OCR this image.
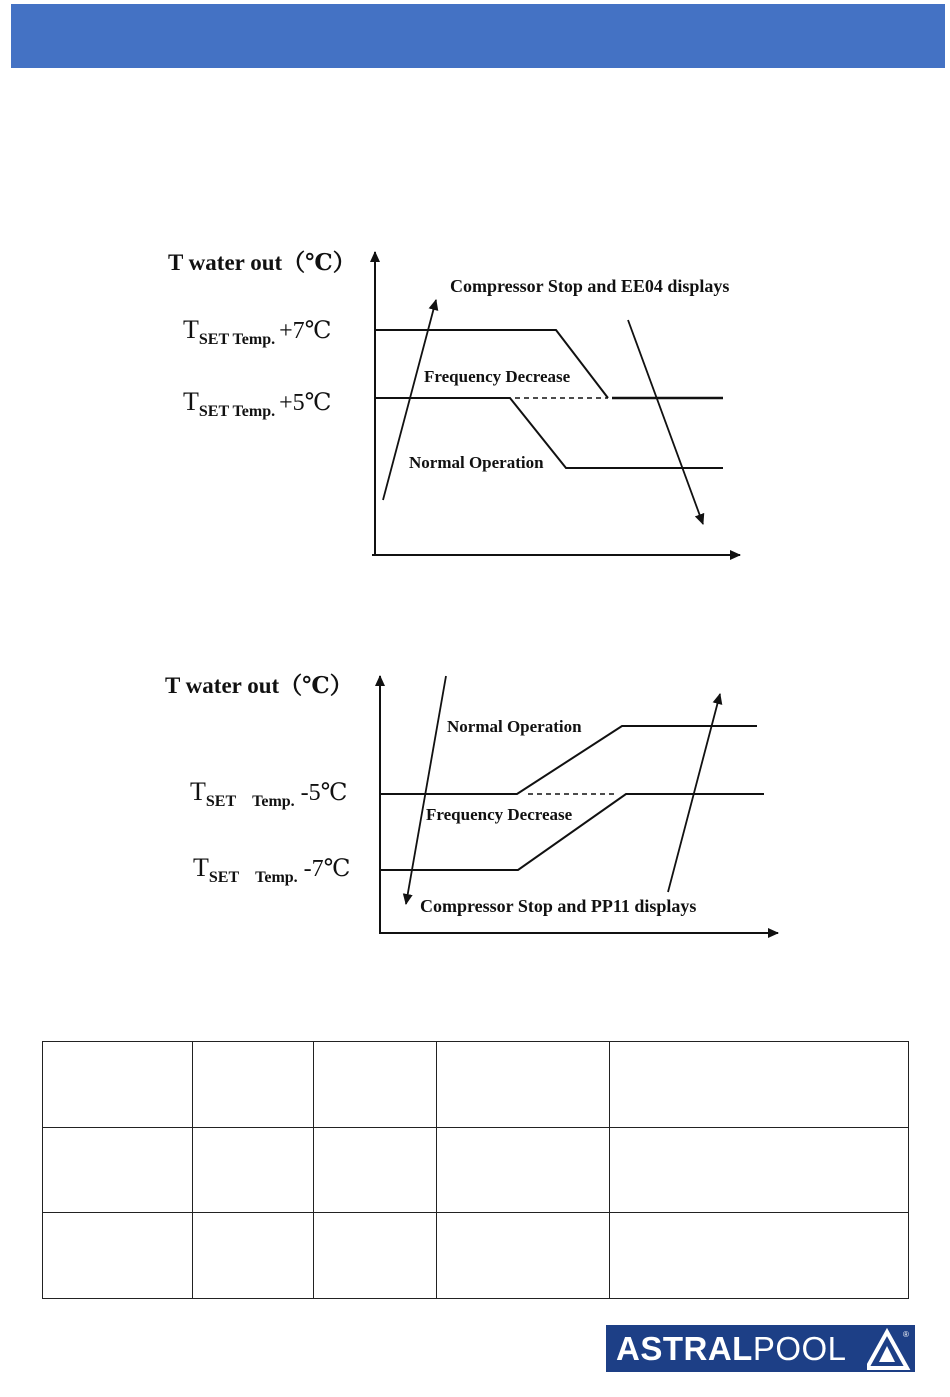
T water out（℃）
TSET Temp. +7℃
TSET Temp. +5℃
Compressor Stop and EE04 displays
Frequency Decrease
Normal Operation
T water out（℃）
TSET Temp. -5℃
TSET Temp. -7℃
Normal Operation
Frequency Decrease
Compressor Stop and PP11 displays

ASTRALPOOL	®
